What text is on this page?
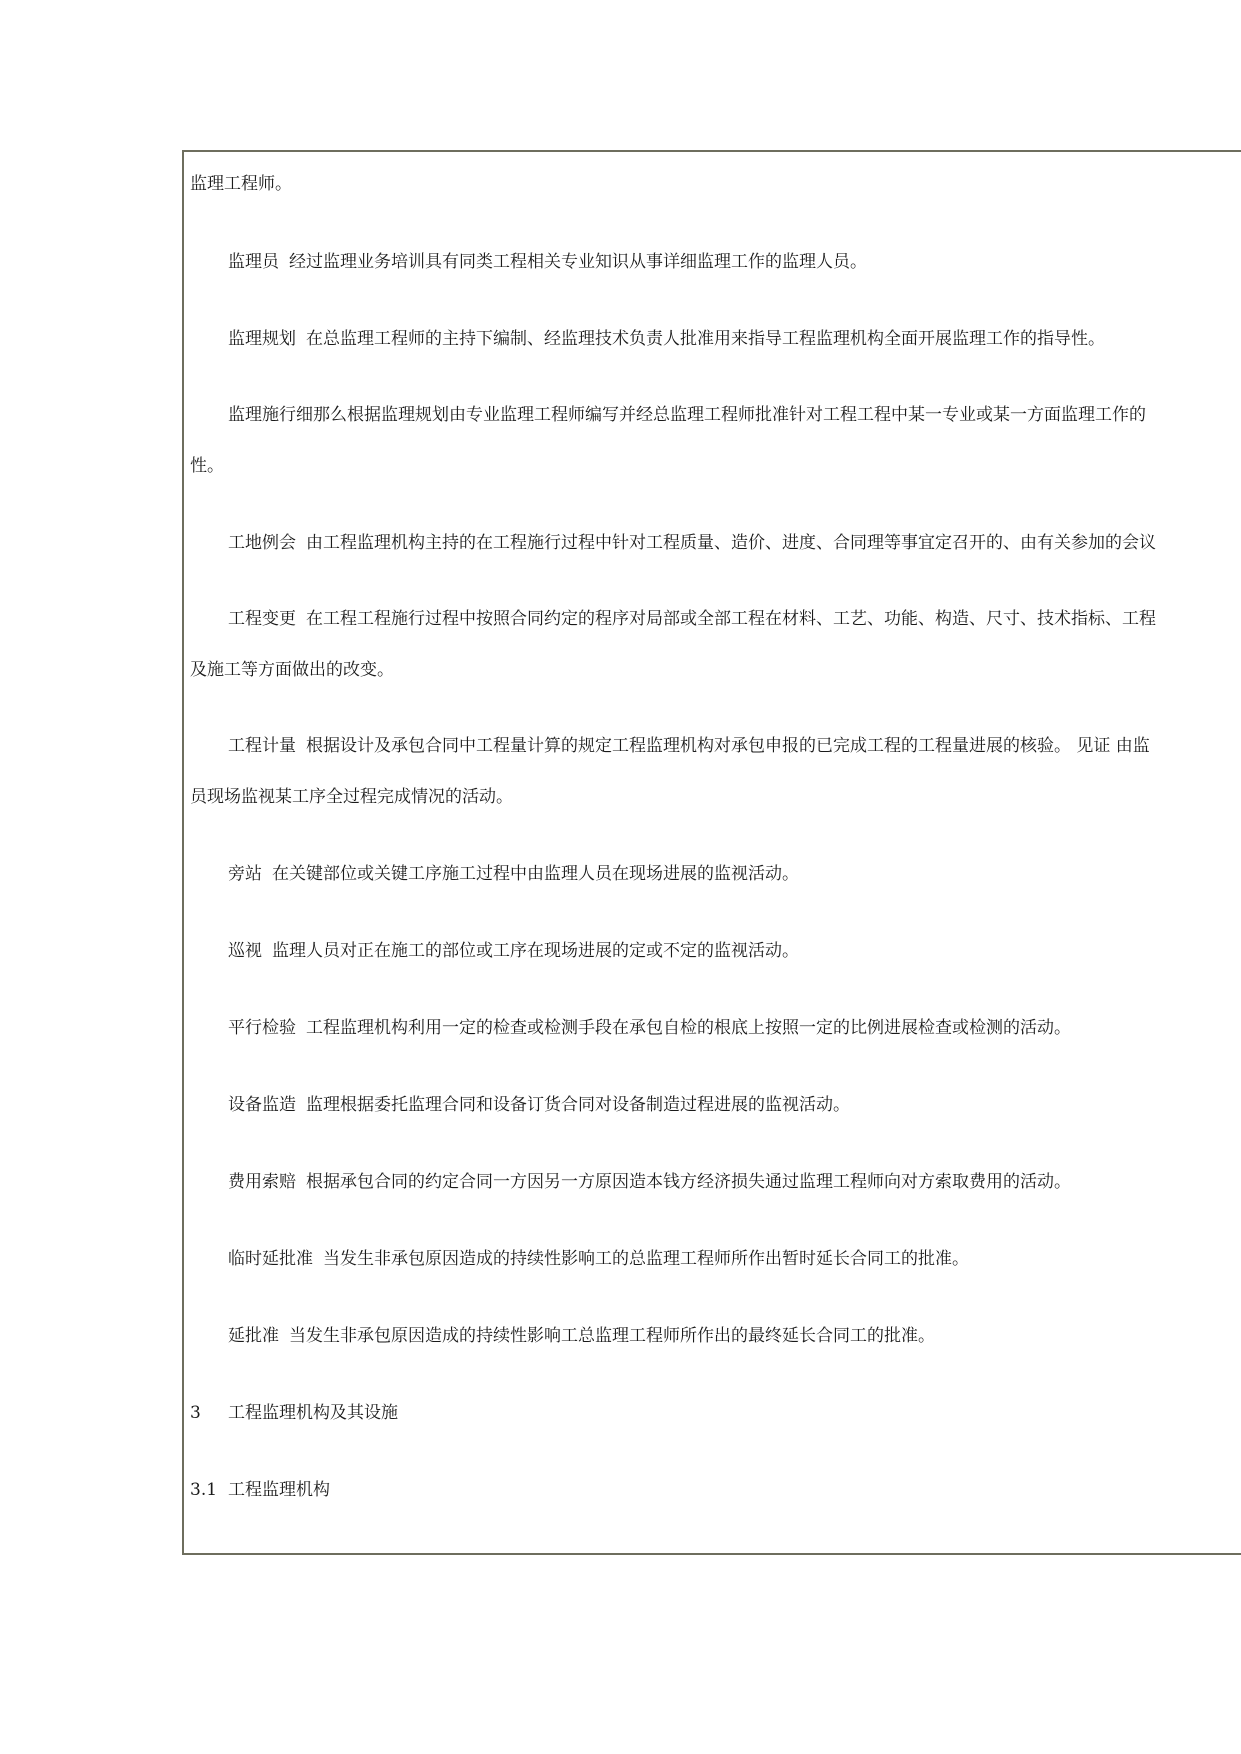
监理工程师。
监理员 经过监理业务培训具有同类工程相关专业知识从事详细监理工作的监理人员。
监理规划 在总监理工程师的主持下编制、经监理技术负责人批准用来指导工程监理机构全面开展监理工作的指导性。
监理施行细那么根据监理规划由专业监理工程师编写并经总监理工程师批准针对工程工程中某一专业或某一方面监理工作的
性。
工地例会 由工程监理机构主持的在工程施行过程中针对工程质量、造价、进度、合同理等事宜定召开的、由有关参加的会议
工程变更 在工程工程施行过程中按照合同约定的程序对局部或全部工程在材料、工艺、功能、构造、尺寸、技术指标、工程
及施工等方面做出的改变。
工程计量 根据设计及承包合同中工程量计算的规定工程监理机构对承包申报的已完成工程的工程量进展的核验。 见证 由监
员现场监视某工序全过程完成情况的活动。
旁站 在关键部位或关键工序施工过程中由监理人员在现场进展的监视活动。
巡视 监理人员对正在施工的部位或工序在现场进展的定或不定的监视活动。
平行检验 工程监理机构利用一定的检查或检测手段在承包自检的根底上按照一定的比例进展检查或检测的活动。
设备监造 监理根据委托监理合同和设备订货合同对设备制造过程进展的监视活动。
费用索赔 根据承包合同的约定合同一方因另一方原因造本钱方经济损失通过监理工程师向对方索取费用的活动。
临时延批准 当发生非承包原因造成的持续性影响工的总监理工程师所作出暂时延长合同工的批准。
延批准 当发生非承包原因造成的持续性影响工总监理工程师所作出的最终延长合同工的批准。
3 工程监理机构及其设施
3.1 工程监理机构
